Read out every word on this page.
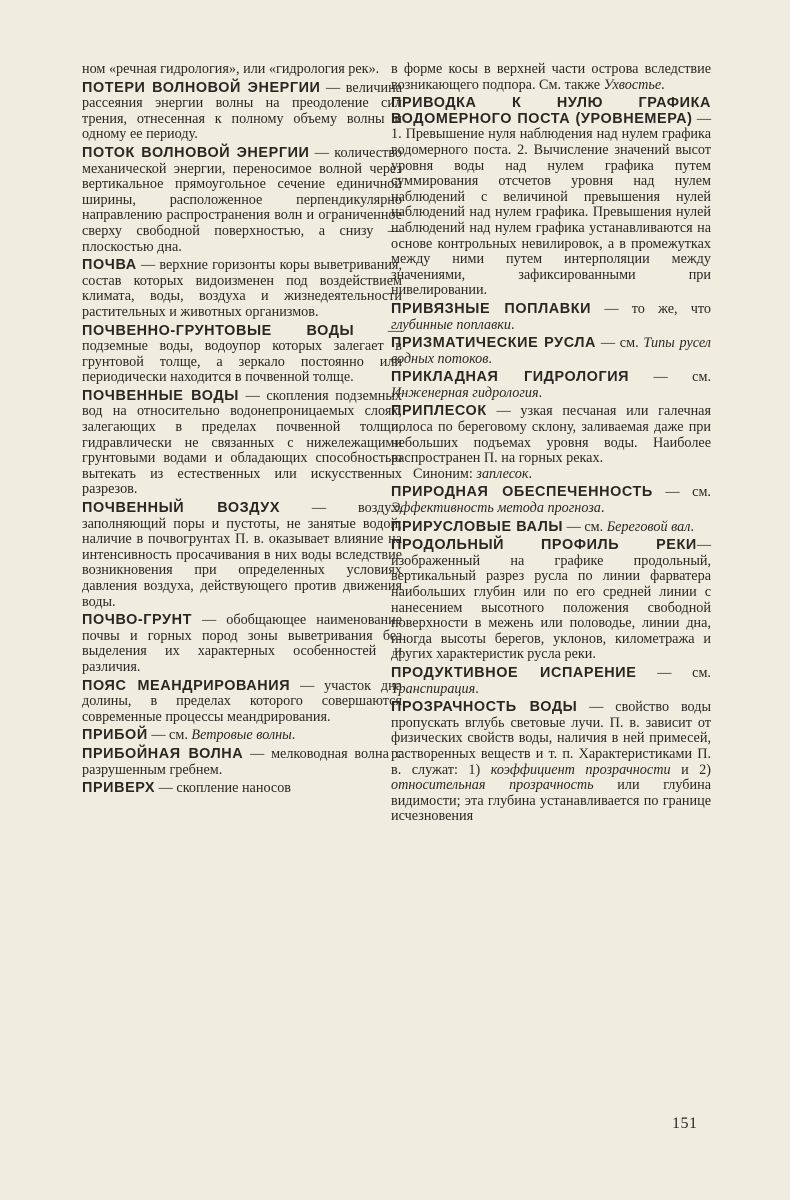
ном «речная гидрология», или «гидрология рек».

ПОТЕРИ ВОЛНОВОЙ ЭНЕРГИИ — величина рассеяния энергии волны на преодоление сил трения, отнесенная к полному объему волны и одному ее периоду.

ПОТОК ВОЛНОВОЙ ЭНЕРГИИ — количество механической энергии, переносимое волной через вертикальное прямоугольное сечение единичной ширины, расположенное перпендикулярно направлению распространения волн и ограниченное сверху свободной поверхностью, а снизу — плоскостью дна.

ПОЧВА — верхние горизонты коры выветривания, состав которых видоизменен под воздействием климата, воды, воздуха и жизнедеятельности растительных и животных организмов.

ПОЧВЕННО-ГРУНТОВЫЕ ВОДЫ — подземные воды, водоупор которых залегает в грунтовой толще, а зеркало постоянно или периодически находится в почвенной толще.

ПОЧВЕННЫЕ ВОДЫ — скопления подземных вод на относительно водонепроницаемых слоях, залегающих в пределах почвенной толщи, гидравлически не связанных с нижележащими грунтовыми водами и обладающих способностью вытекать из естественных или искусственных разрезов.

ПОЧВЕННЫЙ ВОЗДУХ — воздух, заполняющий поры и пустоты, не занятые водой; наличие в почвогрунтах П. в. оказывает влияние на интенсивность просачивания в них воды вследствие возникновения при определенных условиях давления воздуха, действующего против движения воды.

ПОЧВО-ГРУНТ — обобщающее наименование почвы и горных пород зоны выветривания без выделения их характерных особенностей и различия.

ПОЯС МЕАНДРИРОВАНИЯ — участок дна долины, в пределах которого совершаются современные процессы меандрирования.

ПРИБОЙ — см. Ветровые волны.

ПРИБОЙНАЯ ВОЛНА — мелководная волна с разрушенным гребнем.

ПРИВЕРХ — скопление наносов

в форме косы в верхней части острова вследствие возникающего подпора. См. также Ухвостье.

ПРИВОДКА К НУЛЮ ГРАФИКА ВОДОМЕРНОГО ПОСТА (УРОВНЕМЕРА) — 1. Превышение нуля наблюдения над нулем графика водомерного поста. 2. Вычисление значений высот уровня воды над нулем графика путем суммирования отсчетов уровня над нулем наблюдений с величиной превышения нулей наблюдений над нулем графика. Превышения нулей наблюдений над нулем графика устанавливаются на основе контрольных невилировок, а в промежутках между ними путем интерполяции между значениями, зафиксированными при нивелировании.

ПРИВЯЗНЫЕ ПОПЛАВКИ — то же, что глубинные поплавки.

ПРИЗМАТИЧЕСКИЕ РУСЛА — см. Типы русел водных потоков.

ПРИКЛАДНАЯ ГИДРОЛОГИЯ — см. Инженерная гидрология.

ПРИПЛЕСОК — узкая песчаная или галечная полоса по береговому склону, заливаемая даже при небольших подъемах уровня воды. Наиболее распространен П. на горных реках.

Синоним: заплесок.

ПРИРОДНАЯ ОБЕСПЕЧЕННОСТЬ — см. Эффективность метода прогноза.

ПРИРУСЛОВЫЕ ВАЛЫ — см. Береговой вал.

ПРОДОЛЬНЫЙ ПРОФИЛЬ РЕКИ—изображенный на графике продольный, вертикальный разрез русла по линии фарватера наибольших глубин или по его средней линии с нанесением высотного положения свободной поверхности в межень или половодье, линии дна, иногда высоты берегов, уклонов, километража и других характеристик русла реки.

ПРОДУКТИВНОЕ ИСПАРЕНИЕ — см. Транспирация.

ПРОЗРАЧНОСТЬ ВОДЫ — свойство воды пропускать вглубь световые лучи. П. в. зависит от физических свойств воды, наличия в ней примесей, растворенных веществ и т. п. Характеристиками П. в. служат: 1) коэффициент прозрачности и 2) относительная прозрачность или глубина видимости; эта глубина устанавливается по границе исчезновения

151
